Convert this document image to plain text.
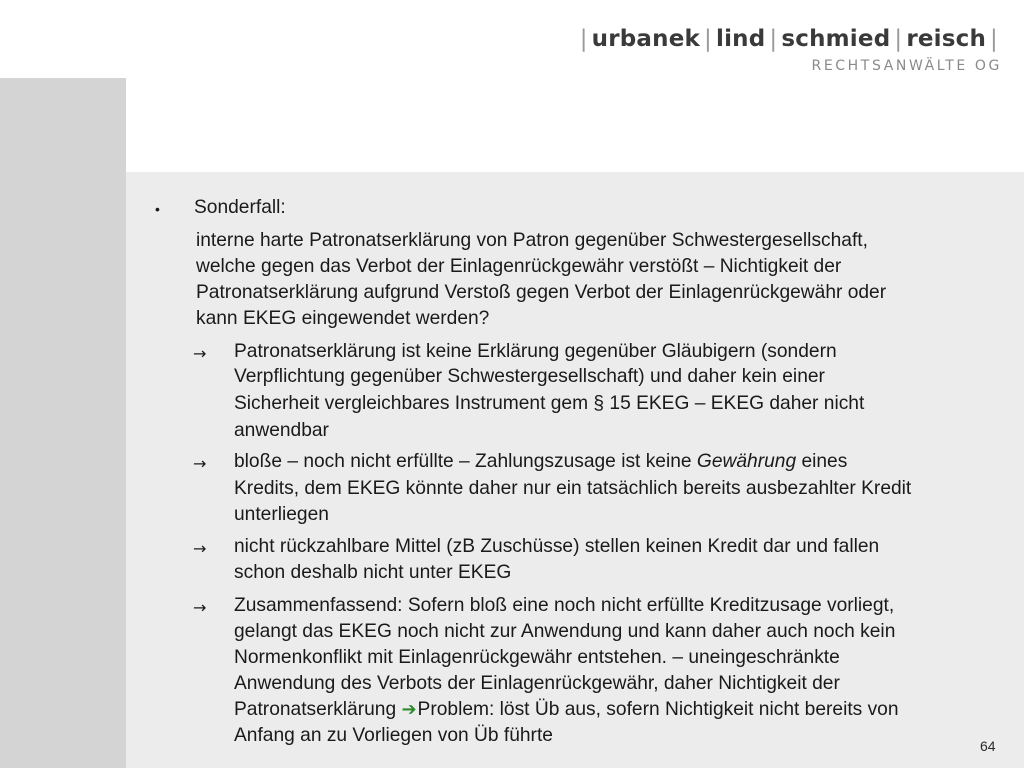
| urbanek | lind | schmied | reisch |
RECHTSANWÄLTE OG
• Sonderfall:
interne harte Patronatserklärung von Patron gegenüber Schwestergesellschaft,
welche gegen das Verbot der Einlagenrückgewähr verstößt – Nichtigkeit der
Patronatserklärung aufgrund Verstoß gegen Verbot der Einlagenrückgewähr oder
kann EKEG eingewendet werden?
→ Patronatserklärung ist keine Erklärung gegenüber Gläubigern (sondern
Verpflichtung gegenüber Schwestergesellschaft) und daher kein einer
Sicherheit vergleichbares Instrument gem § 15 EKEG – EKEG daher nicht
anwendbar
→ bloße – noch nicht erfüllte – Zahlungszusage ist keine Gewährung eines
Kredits, dem EKEG könnte daher nur ein tatsächlich bereits ausbezahlter Kredit
unterliegen
→ nicht rückzahlbare Mittel (zB Zuschüsse) stellen keinen Kredit dar und fallen
schon deshalb nicht unter EKEG
→ Zusammenfassend: Sofern bloß eine noch nicht erfüllte Kreditzusage vorliegt,
gelangt das EKEG noch nicht zur Anwendung und kann daher auch noch kein
Normenkonflikt mit Einlagenrückgewähr entstehen. – uneingeschränkte
Anwendung des Verbots der Einlagenrückgewähr, daher Nichtigkeit der
Patronatserklärung ➔Problem: löst Üb aus, sofern Nichtigkeit nicht bereits von
Anfang an zu Vorliegen von Üb führte	64
